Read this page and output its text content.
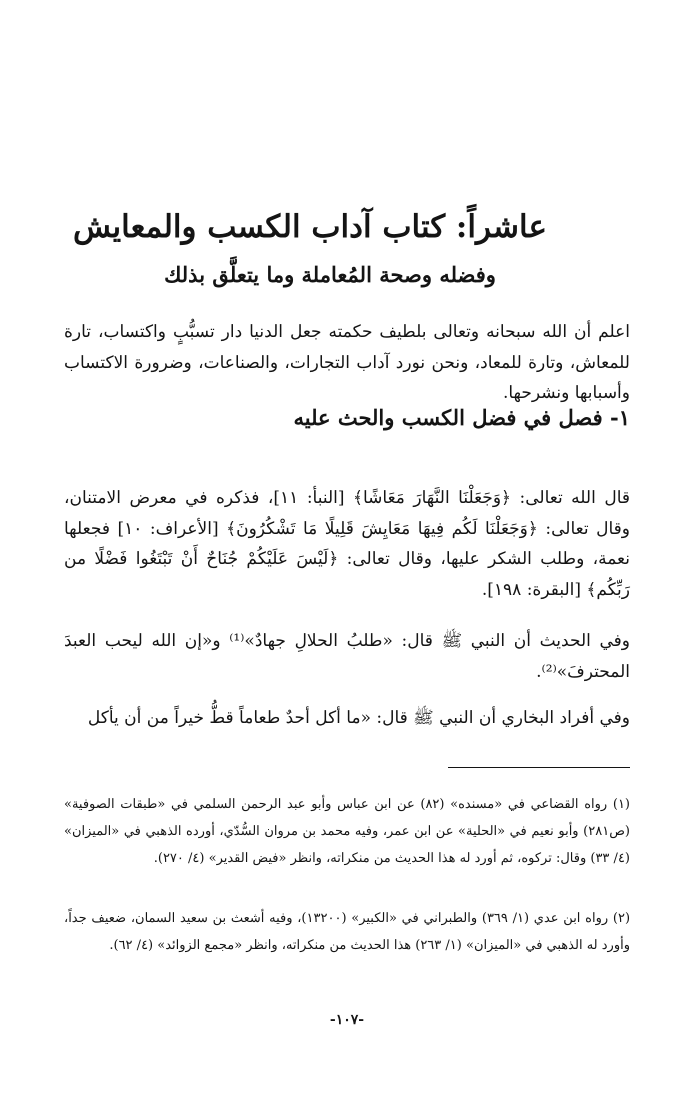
عاشراً: كتاب آداب الكسب والمعايش
وفضله وصحة المُعاملة وما يتعلَّق بذلك
اعلم أن الله سبحانه وتعالى بلطيف حكمته جعل الدنيا دار تسبُّبٍ واكتساب، تارة للمعاش، وتارة للمعاد، ونحن نورد آداب التجارات، والصناعات، وضرورة الاكتساب وأسبابها ونشرحها.
١- فصل في فضل الكسب والحث عليه
قال الله تعالى: ﴿وَجَعَلْنَا النَّهَارَ مَعَاشًا﴾ [النبأ: ١١]، فذكره في معرض الامتنان، وقال تعالى: ﴿وَجَعَلْنَا لَكُم فِيهَا مَعَايِشَ قَلِيلًا مَا تَشْكُرُونَ﴾ [الأعراف: ١٠] فجعلها نعمة، وطلب الشكر عليها، وقال تعالى: ﴿لَيْسَ عَلَيْكُمْ جُنَاحٌ أَنْ تَبْتَغُوا فَضْلًا من رَبِّكُم﴾ [البقرة: ١٩٨].
وفي الحديث أن النبي ﷺ قال: «طلبُ الحلالِ جهادٌ»⁽¹⁾ و«إن الله ليحب العبدَ المحترفَ»⁽²⁾.
وفي أفراد البخاري أن النبي ﷺ قال: «ما أكل أحدٌ طعاماً قطُّ خيراً من أن يأكل
(١) رواه القضاعي في «مسنده» (٨٢) عن ابن عباس وأبو عبد الرحمن السلمي في «طبقات الصوفية» (ص٢٨١) وأبو نعيم في «الحلية» عن ابن عمر، وفيه محمد بن مروان السُّدّي، أورده الذهبي في «الميزان» (٤/ ٣٣) وقال: تركوه، ثم أورد له هذا الحديث من منكراته، وانظر «فيض القدير» (٤/ ٢٧٠).
(٢) رواه ابن عدي (١/ ٣٦٩) والطبراني في «الكبير» (١٣٢٠٠)، وفيه أشعث بن سعيد السمان، ضعيف جداً، وأورد له الذهبي في «الميزان» (١/ ٢٦٣) هذا الحديث من منكراته، وانظر «مجمع الزوائد» (٤/ ٦٢).
-١٠٧-
